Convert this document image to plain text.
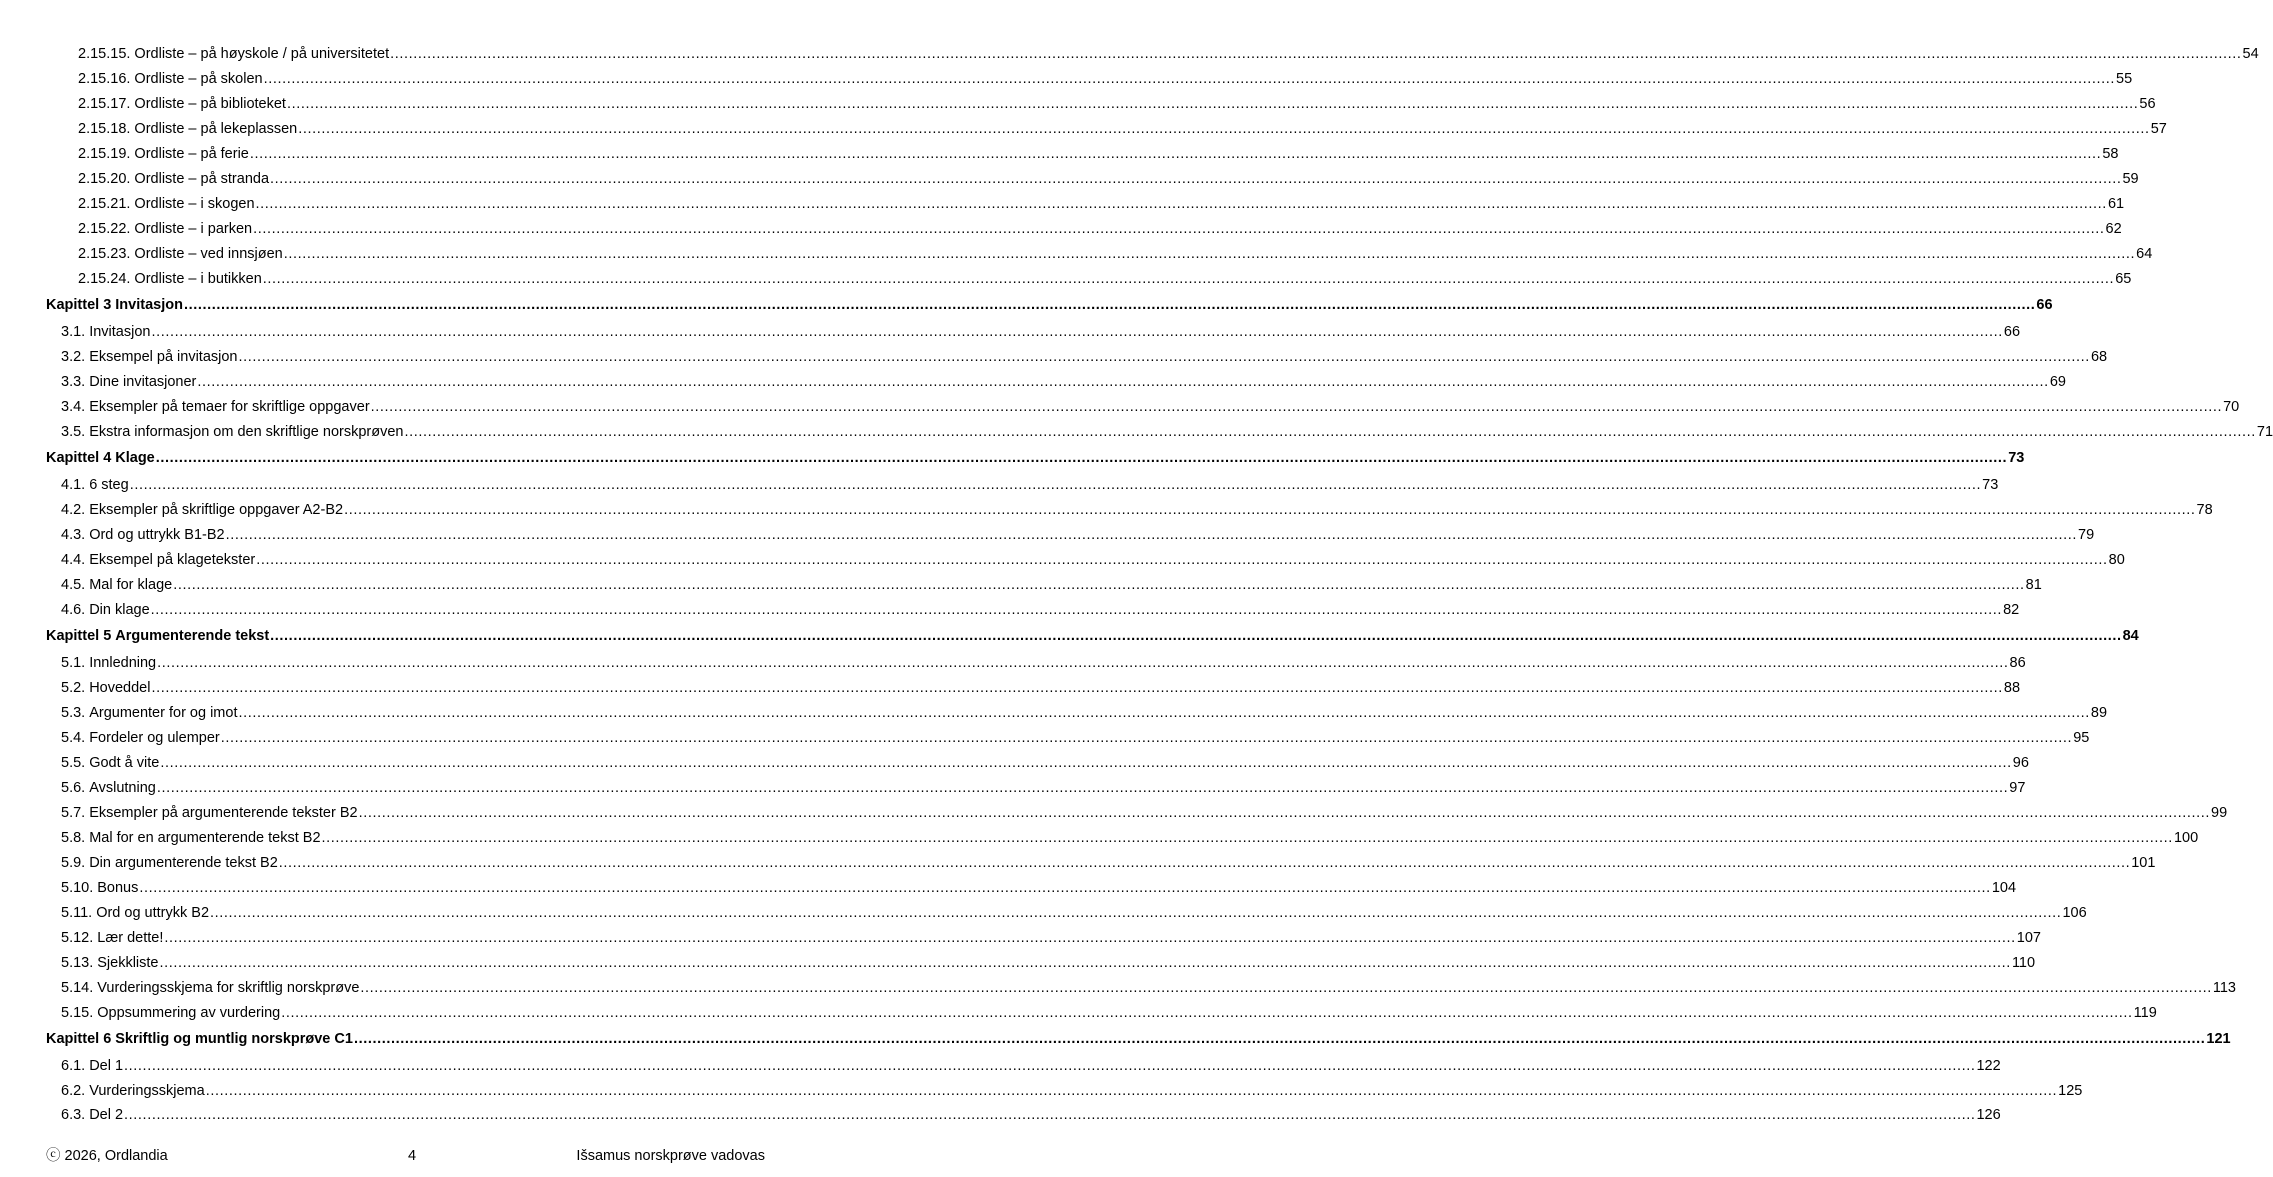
2.15.15. Ordliste – på høyskole / på universitetet ................................................................................................................................................................................................................................................................................................................................................................................................................ 54
2.15.16. Ordliste – på skolen ................................................................................................................................................................................................................................................................................................................................................................................................................ 55
2.15.17. Ordliste – på biblioteket ................................................................................................................................................................................................................................................................................................................................................................................................................ 56
2.15.18. Ordliste – på lekeplassen ................................................................................................................................................................................................................................................................................................................................................................................................................ 57
2.15.19. Ordliste – på ferie ................................................................................................................................................................................................................................................................................................................................................................................................................ 58
2.15.20. Ordliste – på stranda ................................................................................................................................................................................................................................................................................................................................................................................................................ 59
2.15.21. Ordliste – i skogen ................................................................................................................................................................................................................................................................................................................................................................................................................ 61
2.15.22. Ordliste – i parken ................................................................................................................................................................................................................................................................................................................................................................................................................ 62
2.15.23. Ordliste – ved innsjøen ................................................................................................................................................................................................................................................................................................................................................................................................................ 64
2.15.24. Ordliste – i butikken ................................................................................................................................................................................................................................................................................................................................................................................................................ 65
Kapittel 3 Invitasjon ................................................................................................................................................................................................................................................................................................................................................................................................................ 66
3.1. Invitasjon ................................................................................................................................................................................................................................................................................................................................................................................................................ 66
3.2. Eksempel på invitasjon ................................................................................................................................................................................................................................................................................................................................................................................................................ 68
3.3. Dine invitasjoner ................................................................................................................................................................................................................................................................................................................................................................................................................ 69
3.4. Eksempler på temaer for skriftlige oppgaver ................................................................................................................................................................................................................................................................................................................................................................................................................ 70
3.5. Ekstra informasjon om den skriftlige norskprøven ................................................................................................................................................................................................................................................................................................................................................................................................................ 71
Kapittel 4 Klage ................................................................................................................................................................................................................................................................................................................................................................................................................ 73
4.1. 6 steg ................................................................................................................................................................................................................................................................................................................................................................................................................ 73
4.2. Eksempler på skriftlige oppgaver A2-B2 ................................................................................................................................................................................................................................................................................................................................................................................................................ 78
4.3. Ord og uttrykk B1-B2 ................................................................................................................................................................................................................................................................................................................................................................................................................ 79
4.4. Eksempel på klagetekster ................................................................................................................................................................................................................................................................................................................................................................................................................ 80
4.5. Mal for klage ................................................................................................................................................................................................................................................................................................................................................................................................................ 81
4.6. Din klage ................................................................................................................................................................................................................................................................................................................................................................................................................ 82
Kapittel 5 Argumenterende tekst ................................................................................................................................................................................................................................................................................................................................................................................................................ 84
5.1. Innledning ................................................................................................................................................................................................................................................................................................................................................................................................................ 86
5.2. Hoveddel ................................................................................................................................................................................................................................................................................................................................................................................................................ 88
5.3. Argumenter for og imot ................................................................................................................................................................................................................................................................................................................................................................................................................ 89
5.4. Fordeler og ulemper ................................................................................................................................................................................................................................................................................................................................................................................................................ 95
5.5. Godt å vite ................................................................................................................................................................................................................................................................................................................................................................................................................ 96
5.6. Avslutning ................................................................................................................................................................................................................................................................................................................................................................................................................ 97
5.7. Eksempler på argumenterende tekster B2 ................................................................................................................................................................................................................................................................................................................................................................................................................ 99
5.8. Mal for en argumenterende tekst B2 ................................................................................................................................................................................................................................................................................................................................................................................................................ 100
5.9. Din argumenterende tekst B2 ................................................................................................................................................................................................................................................................................................................................................................................................................ 101
5.10. Bonus ................................................................................................................................................................................................................................................................................................................................................................................................................ 104
5.11. Ord og uttrykk B2 ................................................................................................................................................................................................................................................................................................................................................................................................................ 106
5.12. Lær dette! ................................................................................................................................................................................................................................................................................................................................................................................................................ 107
5.13. Sjekkliste ................................................................................................................................................................................................................................................................................................................................................................................................................ 110
5.14. Vurderingsskjema for skriftlig norskprøve ................................................................................................................................................................................................................................................................................................................................................................................................................ 113
5.15. Oppsummering av vurdering ................................................................................................................................................................................................................................................................................................................................................................................................................ 119
Kapittel 6 Skriftlig og muntlig norskprøve C1 ................................................................................................................................................................................................................................................................................................................................................................................................................ 121
6.1. Del 1 ................................................................................................................................................................................................................................................................................................................................................................................................................ 122
6.2. Vurderingsskjema ................................................................................................................................................................................................................................................................................................................................................................................................................ 125
6.3. Del 2 ................................................................................................................................................................................................................................................................................................................................................................................................................ 126
ⓒ 2026, Ordlandia	4	Išsamus norskprøve vadovas
